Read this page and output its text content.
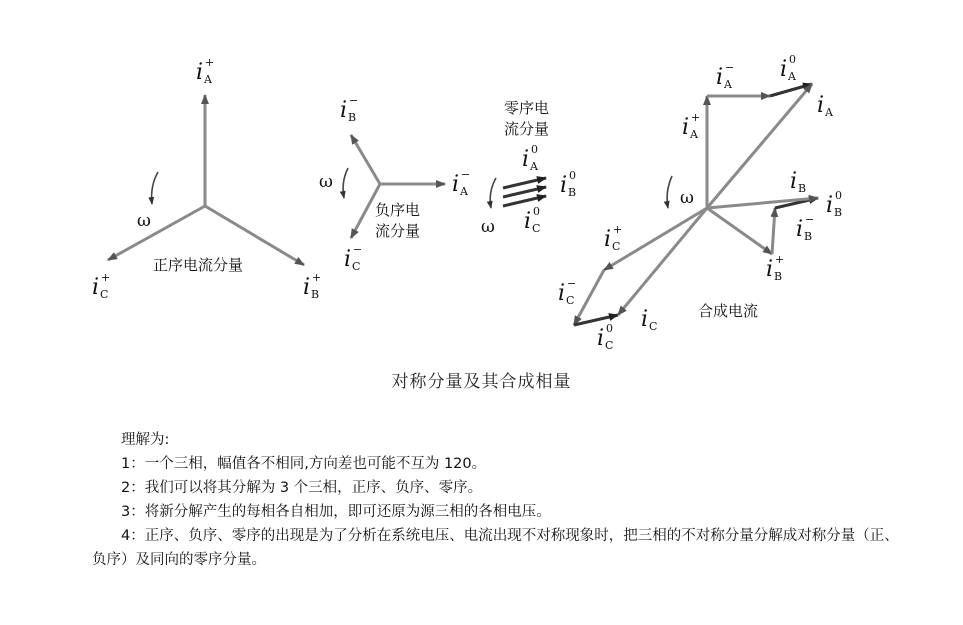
ω
$i_A$
+
$i_B$
+
$i_C$
+
正序电流分量
ω	$i_A$
−
$i_B$
−
$i_C$
−
负序电
流分量
零序电
流分量
ω
$i_A$
0
$i_B$
0
$i_C$
0
ω
$i_A$
− $i_A$
0
$i_A$
$i_A$
+
$i_B$
$i_B$
0
$i_B$
−
$i_B$
+
$i_C$
+
$i_C$
−
$i_C$
$i_C$
0
合成电流
对称分量及其合成相量
理解为:
1：一个三相，幅值各不相同,方向差也可能不互为 120。
2：我们可以将其分解为 3 个三相，正序、负序、零序。
3：将新分解产生的每相各自相加，即可还原为源三相的各相电压。
4：正序、负序、零序的出现是为了分析在系统电压、电流出现不对称现象时，把三相的不对称分量分解成对称分量（正、负序）及同向的零序分量。
